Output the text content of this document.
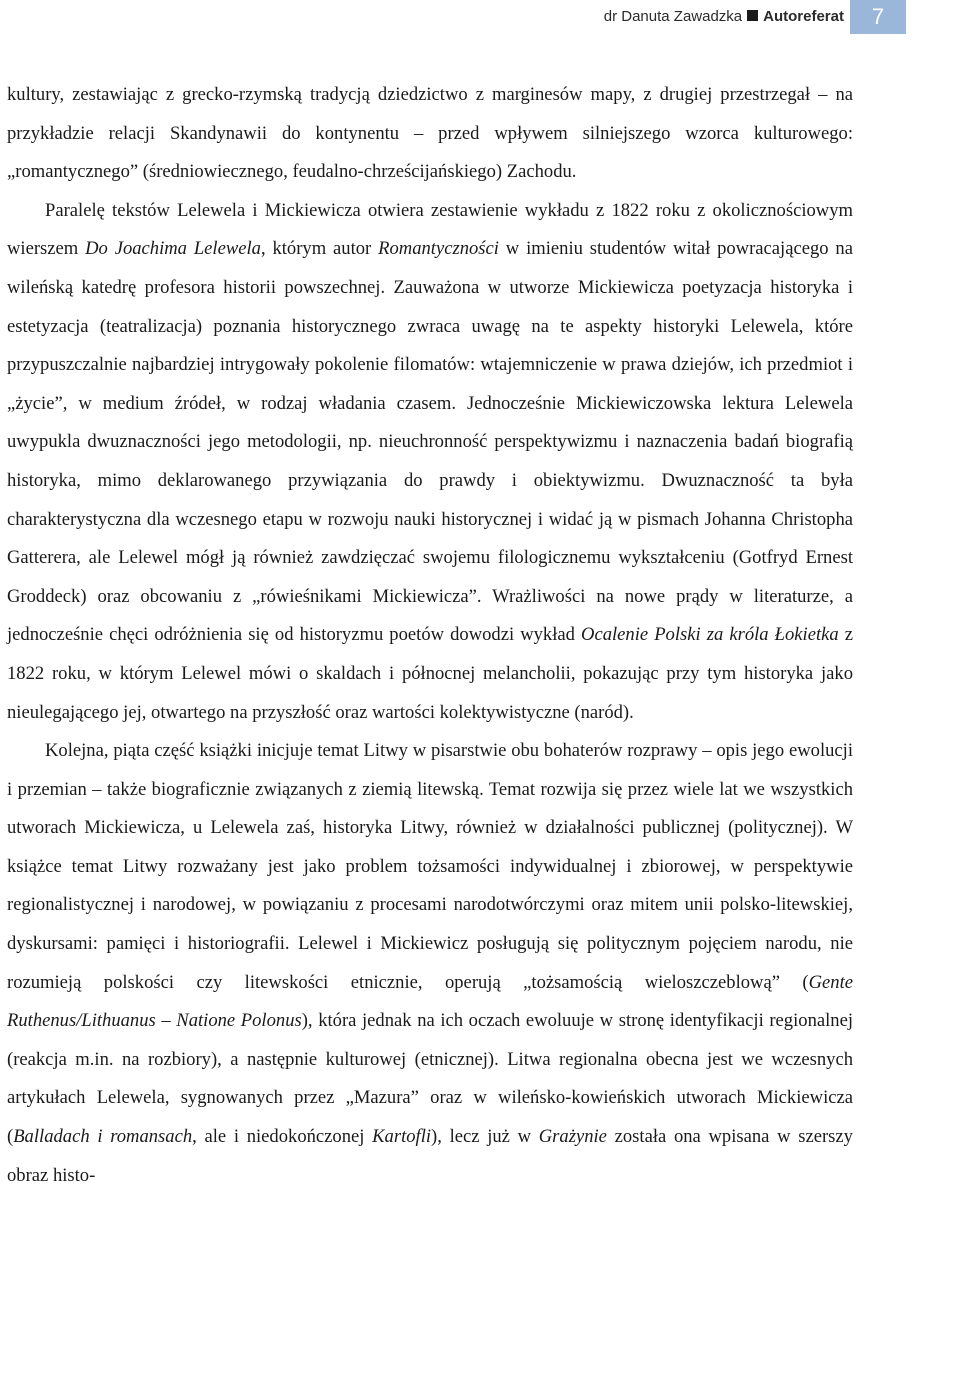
dr Danuta Zawadzka Autoreferat	7

kultury, zestawiając z grecko-rzymską tradycją dziedzictwo z marginesów mapy, z drugiej przestrzegał – na przykładzie relacji Skandynawii do kontynentu – przed wpływem silniejszego wzorca kulturowego: „romantycznego” (średniowiecznego, feudalno-chrześcijańskiego) Zachodu.

Paralelę tekstów Lelewela i Mickiewicza otwiera zestawienie wykładu z 1822 roku z okolicznościowym wierszem Do Joachima Lelewela, którym autor Romantyczności w imieniu studentów witał powracającego na wileńską katedrę profesora historii powszechnej. Zauważona w utworze Mickiewicza poetyzacja historyka i estetyzacja (teatralizacja) poznania historycznego zwraca uwagę na te aspekty historyki Lelewela, które przypuszczalnie najbardziej intrygowały pokolenie filomatów: wtajemniczenie w prawa dziejów, ich przedmiot i „życie”, w medium źródeł, w rodzaj władania czasem. Jednocześnie Mickiewiczowska lektura Lelewela uwypukla dwuznaczności jego metodologii, np. nieuchronność perspektywizmu i naznaczenia badań biografią historyka, mimo deklarowanego przywiązania do prawdy i obiektywizmu. Dwuznaczność ta była charakterystyczna dla wczesnego etapu w rozwoju nauki historycznej i widać ją w pismach Johanna Christopha Gatterera, ale Lelewel mógł ją również zawdzięczać swojemu filologicznemu wykształceniu (Gotfryd Ernest Groddeck) oraz obcowaniu z „rówieśnikami Mickiewicza”. Wrażliwości na nowe prądy w literaturze, a jednocześnie chęci odróżnienia się od historyzmu poetów dowodzi wykład Ocalenie Polski za króla Łokietka z 1822 roku, w którym Lelewel mówi o skaldach i północnej melancholii, pokazując przy tym historyka jako nieulegającego jej, otwartego na przyszłość oraz wartości kolektywistyczne (naród).

Kolejna, piąta część książki inicjuje temat Litwy w pisarstwie obu bohaterów rozprawy – opis jego ewolucji i przemian – także biograficznie związanych z ziemią litewską. Temat rozwija się przez wiele lat we wszystkich utworach Mickiewicza, u Lelewela zaś, historyka Litwy, również w działalności publicznej (politycznej). W książce temat Litwy rozważany jest jako problem tożsamości indywidualnej i zbiorowej, w perspektywie regionalistycznej i narodowej, w powiązaniu z procesami narodotwórczymi oraz mitem unii polsko-litewskiej, dyskursami: pamięci i historiografii. Lelewel i Mickiewicz posługują się politycznym pojęciem narodu, nie rozumieją polskości czy litewskości etnicznie, operują „tożsamością wieloszczeblową” (Gente Ruthenus/Lithuanus – Natione Polonus), która jednak na ich oczach ewoluuje w stronę identyfikacji regionalnej (reakcja m.in. na rozbiory), a następnie kulturowej (etnicznej). Litwa regionalna obecna jest we wczesnych artykułach Lelewela, sygnowanych przez „Mazura” oraz w wileńsko-kowieńskich utworach Mickiewicza (Balladach i romansach, ale i niedokończonej Kartofli), lecz już w Grażynie została ona wpisana w szerszy obraz histo-
